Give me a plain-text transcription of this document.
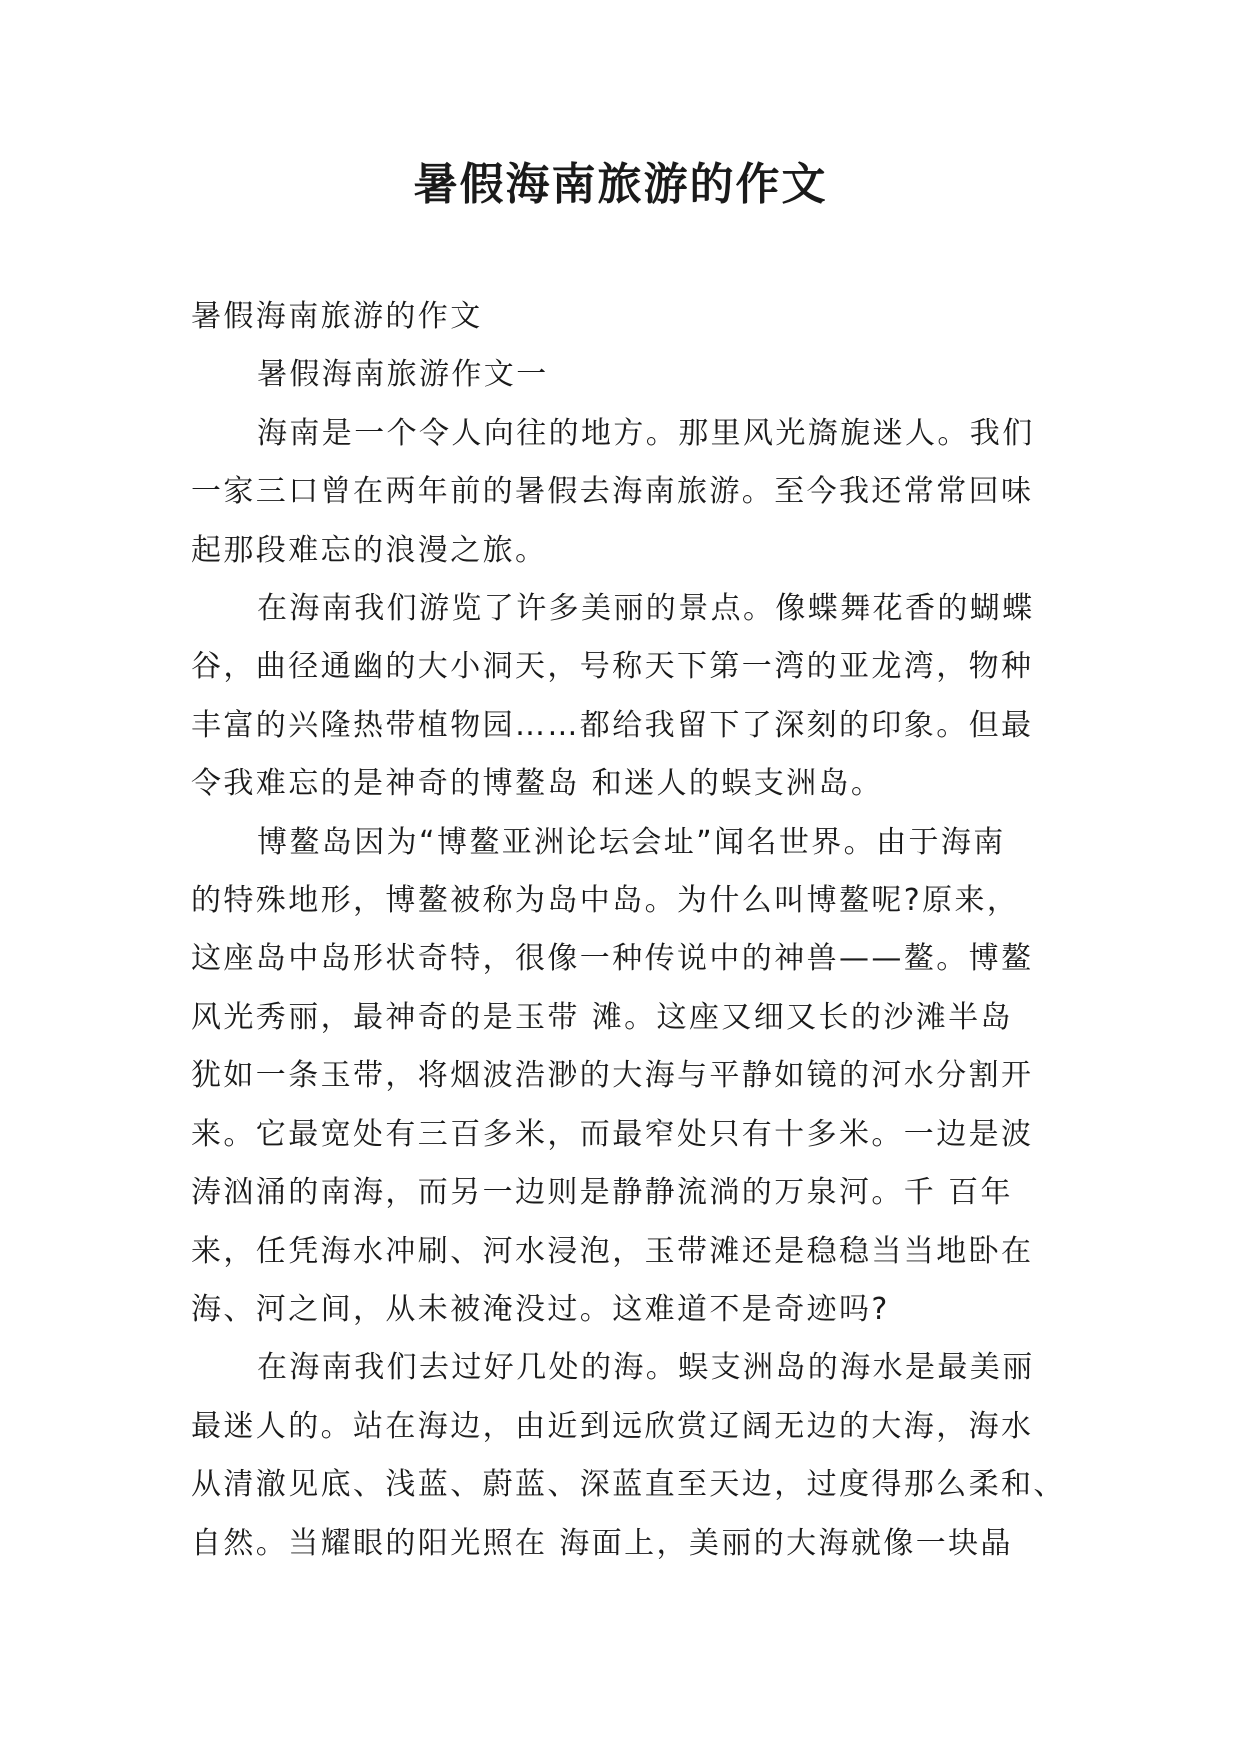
暑假海南旅游的作文
暑假海南旅游的作文
暑假海南旅游作文一
海南是一个令人向往的地方。那里风光旖旎迷人。我们
一家三口曾在两年前的暑假去海南旅游。至今我还常常回味
起那段难忘的浪漫之旅。
在海南我们游览了许多美丽的景点。像蝶舞花香的蝴蝶
谷，曲径通幽的大小洞天，号称天下第一湾的亚龙湾，物种
丰富的兴隆热带植物园……都给我留下了深刻的印象。但最
令我难忘的是神奇的博鳌岛 和迷人的蜈支洲岛。
博鳌岛因为“博鳌亚洲论坛会址”闻名世界。由于海南
的特殊地形，博鳌被称为岛中岛。为什么叫博鳌呢?原来，
这座岛中岛形状奇特，很像一种传说中的神兽——鳌。博鳌
风光秀丽，最神奇的是玉带 滩。这座又细又长的沙滩半岛
犹如一条玉带，将烟波浩渺的大海与平静如镜的河水分割开
来。它最宽处有三百多米，而最窄处只有十多米。一边是波
涛汹涌的南海，而另一边则是静静流淌的万泉河。千 百年
来，任凭海水冲刷、河水浸泡，玉带滩还是稳稳当当地卧在
海、河之间，从未被淹没过。这难道不是奇迹吗?
在海南我们去过好几处的海。蜈支洲岛的海水是最美丽
最迷人的。站在海边，由近到远欣赏辽阔无边的大海，海水
从清澈见底、浅蓝、蔚蓝、深蓝直至天边，过度得那么柔和、
自然。当耀眼的阳光照在 海面上，美丽的大海就像一块晶
